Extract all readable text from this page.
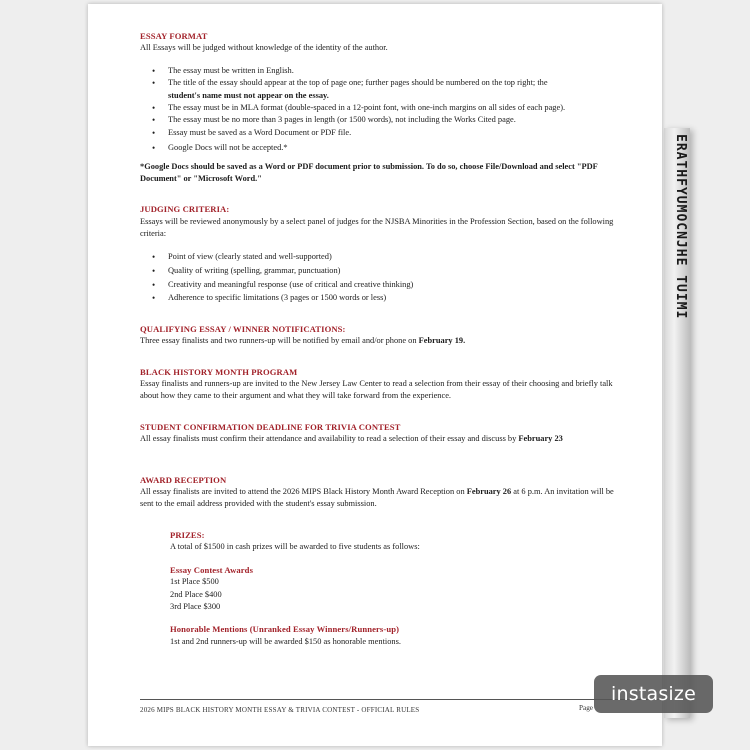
ERATHFYUMOCNJHE TUIMI

ESSAY FORMAT

All Essays will be judged without knowledge of the identity of the author.

• The essay must be written in English.
• The title of the essay should appear at the top of page one; further pages should be numbered on the top right; the
student's name must not appear on the essay.
• The essay must be in MLA format (double-spaced in a 12-point font, with one-inch margins on all sides of each page).
• The essay must be no more than 3 pages in length (or 1500 words), not including the Works Cited page.
• Essay must be saved as a Word Document or PDF file.
• Google Docs will not be accepted.*

*Google Docs should be saved as a Word or PDF document prior to submission. To do so, choose File/Download and select "PDF Document" or "Microsoft Word."

JUDGING CRITERIA:

Essays will be reviewed anonymously by a select panel of judges for the NJSBA Minorities in the Profession Section, based on the following criteria:

• Point of view (clearly stated and well-supported)
• Quality of writing (spelling, grammar, punctuation)
• Creativity and meaningful response (use of critical and creative thinking)
• Adherence to specific limitations (3 pages or 1500 words or less)

QUALIFYING ESSAY / WINNER NOTIFICATIONS:

Three essay finalists and two runners-up will be notified by email and/or phone on February 19.

BLACK HISTORY MONTH PROGRAM

Essay finalists and runners-up are invited to the New Jersey Law Center to read a selection from their essay of their choosing and briefly talk about how they came to their argument and what they will take forward from the experience.

STUDENT CONFIRMATION DEADLINE FOR TRIVIA CONTEST

All essay finalists must confirm their attendance and availability to read a selection of their essay and discuss by February 23

AWARD RECEPTION

All essay finalists are invited to attend the 2026 MIPS Black History Month Award Reception on February 26 at 6 p.m. An invitation will be sent to the email address provided with the student's essay submission.

PRIZES:

A total of $1500 in cash prizes will be awarded to five students as follows:

Essay Contest Awards

1st Place $500

2nd Place $400

3rd Place $300

Honorable Mentions (Unranked Essay Winners/Runners-up)

1st and 2nd runners-up will be awarded $150 as honorable mentions.

2026 MIPS BLACK HISTORY MONTH ESSAY & TRIVIA CONTEST - OFFICIAL RULES	Page
instasize
